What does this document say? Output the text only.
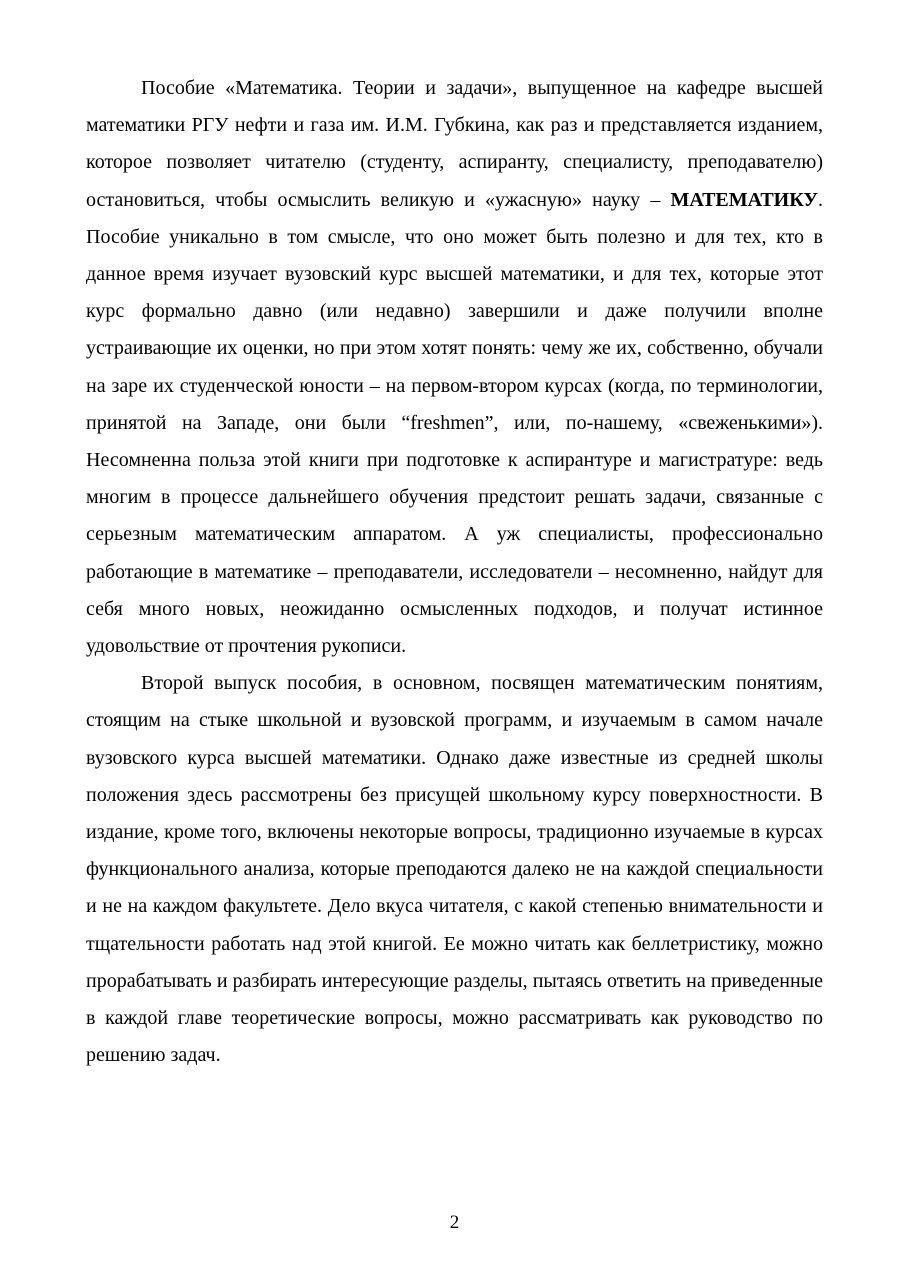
Пособие «Математика. Теории и задачи», выпущенное на кафедре высшей математики РГУ нефти и газа им. И.М. Губкина, как раз и представляется изданием, которое позволяет читателю (студенту, аспиранту, специалисту, преподавателю) остановиться, чтобы осмыслить великую и «ужасную» науку – МАТЕМАТИКУ. Пособие уникально в том смысле, что оно может быть полезно и для тех, кто в данное время изучает вузовский курс высшей математики, и для тех, которые этот курс формально давно (или недавно) завершили и даже получили вполне устраивающие их оценки, но при этом хотят понять: чему же их, собственно, обучали на заре их студенческой юности – на первом-втором курсах (когда, по терминологии, принятой на Западе, они были “freshmen”, или, по-нашему, «свеженькими»). Несомненна польза этой книги при подготовке к аспирантуре и магистратуре: ведь многим в процессе дальнейшего обучения предстоит решать задачи, связанные с серьезным математическим аппаратом. А уж специалисты, профессионально работающие в математике – преподаватели, исследователи – несомненно, найдут для себя много новых, неожиданно осмысленных подходов, и получат истинное удовольствие от прочтения рукописи.

Второй выпуск пособия, в основном, посвящен математическим понятиям, стоящим на стыке школьной и вузовской программ, и изучаемым в самом начале вузовского курса высшей математики. Однако даже известные из средней школы положения здесь рассмотрены без присущей школьному курсу поверхностности. В издание, кроме того, включены некоторые вопросы, традиционно изучаемые в курсах функционального анализа, которые преподаются далеко не на каждой специальности и не на каждом факультете. Дело вкуса читателя, с какой степенью внимательности и тщательности работать над этой книгой. Ее можно читать как беллетристику, можно прорабатывать и разбирать интересующие разделы, пытаясь ответить на приведенные в каждой главе теоретические вопросы, можно рассматривать как руководство по решению задач.

2
